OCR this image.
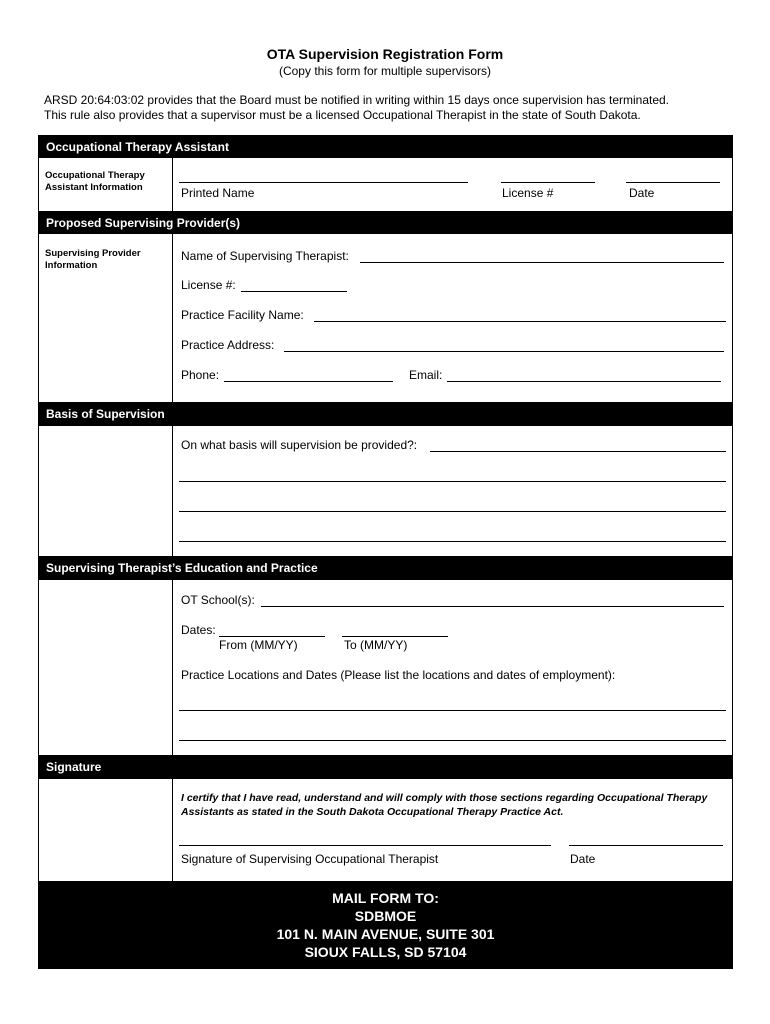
OTA Supervision Registration Form
(Copy this form for multiple supervisors)
ARSD 20:64:03:02 provides that the Board must be notified in writing within 15 days once supervision has terminated.
This rule also provides that a supervisor must be a licensed Occupational Therapist in the state of South Dakota.
Occupational Therapy Assistant
Occupational Therapy Assistant Information	Printed Name	License #	Date
Proposed Supervising Provider(s)
Supervising Provider Information
Name of Supervising Therapist:
License #:
Practice Facility Name:
Practice Address:
Phone:	Email:
Basis of Supervision
On what basis will supervision be provided?:
Supervising Therapist’s Education and Practice
OT School(s):
Dates:
From (MM/YY)	To (MM/YY)
Practice Locations and Dates (Please list the locations and dates of employment):
Signature
I certify that I have read, understand and will comply with those sections regarding Occupational Therapy Assistants as stated in the South Dakota Occupational Therapy Practice Act.
Signature of Supervising Occupational Therapist	Date
MAIL FORM TO:
SDBMOE
101 N. MAIN AVENUE, SUITE 301
SIOUX FALLS, SD 57104
